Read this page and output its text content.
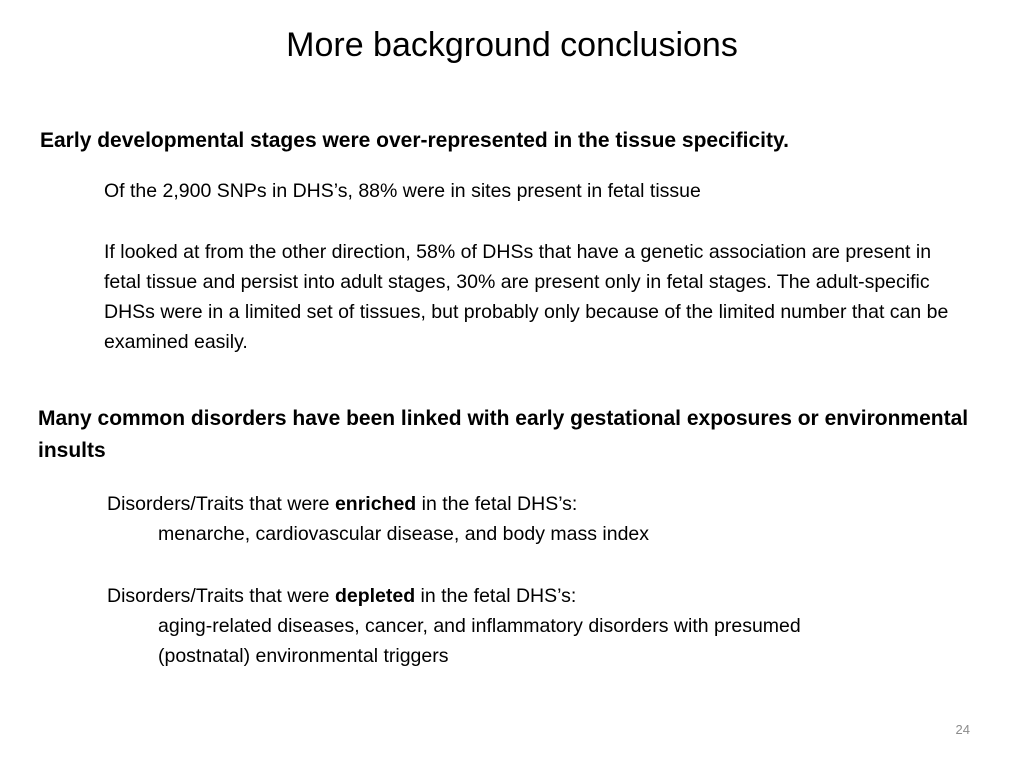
More background conclusions
Early developmental stages were over-represented in the tissue specificity.
Of the 2,900 SNPs in DHS’s, 88% were in sites present in fetal tissue
If looked at from the other direction, 58% of DHSs that have a genetic association are present in fetal tissue and persist into adult stages, 30% are present only in fetal stages. The adult-specific DHSs were in a limited set of tissues, but probably only because of the limited number that can be examined easily.
Many common disorders have been linked with early gestational exposures or environmental insults
Disorders/Traits that were enriched in the fetal DHS’s:
menarche, cardiovascular disease, and body mass index
Disorders/Traits that were depleted in the fetal DHS’s:
aging-related diseases, cancer, and inflammatory disorders with presumed (postnatal) environmental triggers
24
